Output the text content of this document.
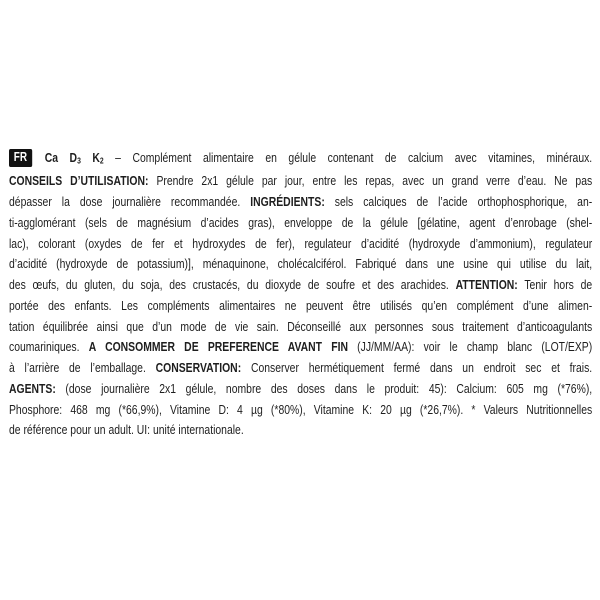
FR Ca D3 K2 – Complément alimentaire en gélule contenant de calcium avec vitamines, minéraux.
CONSEILS D’UTILISATION: Prendre 2x1 gélule par jour, entre les repas, avec un grand verre d’eau. Ne pas
dépasser la dose journalière recommandée. INGRÉDIENTS: sels calciques de l’acide orthophosphorique, an-
ti-agglomérant (sels de magnésium d’acides gras), enveloppe de la gélule [gélatine, agent d’enrobage (shel-
lac), colorant (oxydes de fer et hydroxydes de fer), regulateur d’acidité (hydroxyde d’ammonium), regulateur
d’acidité (hydroxyde de potassium)], ménaquinone, cholécalciférol. Fabriqué dans une usine qui utilise du lait,
des œufs, du gluten, du soja, des crustacés, du dioxyde de soufre et des arachides. ATTENTION: Tenir hors de
portée des enfants. Les compléments alimentaires ne peuvent être utilisés qu’en complément d’une alimen-
tation équilibrée ainsi que d’un mode de vie sain. Déconseillé aux personnes sous traitement d’anticoagulants
coumariniques. A CONSOMMER DE PREFERENCE AVANT FIN (JJ/MM/AA): voir le champ blanc (LOT/EXP)
à l’arrière de l’emballage. CONSERVATION: Conserver hermétiquement fermé dans un endroit sec et frais.
AGENTS: (dose journalière 2x1 gélule, nombre des doses dans le produit: 45): Calcium: 605 mg (*76%),
Phosphore: 468 mg (*66,9%), Vitamine D: 4 µg (*80%), Vitamine K: 20 µg (*26,7%). * Valeurs Nutritionnelles
de référence pour un adult. UI: unité internationale.
